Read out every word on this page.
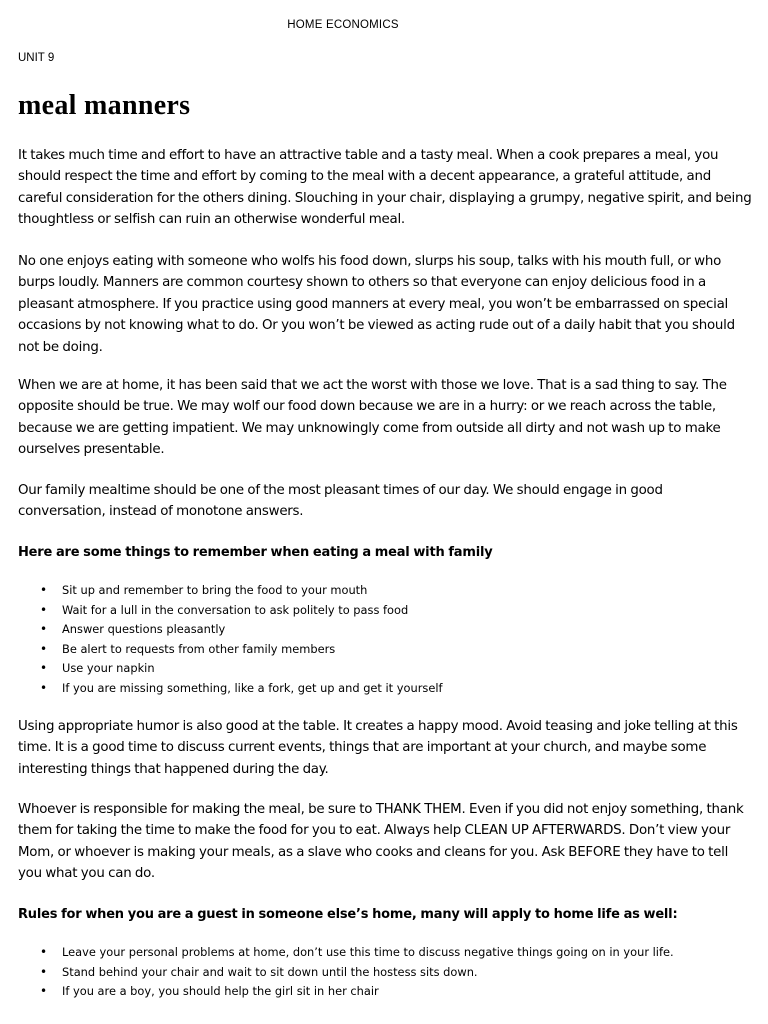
HOME ECONOMICS
UNIT 9
meal manners

It takes much time and effort to have an attractive table and a tasty meal. When a cook prepares a meal, you should respect the time and effort by coming to the meal with a decent appearance, a grateful attitude, and careful consideration for the others dining. Slouching in your chair, displaying a grumpy, negative spirit, and being thoughtless or selfish can ruin an otherwise wonderful meal.

No one enjoys eating with someone who wolfs his food down, slurps his soup, talks with his mouth full, or who burps loudly. Manners are common courtesy shown to others so that everyone can enjoy delicious food in a pleasant atmosphere. If you practice using good manners at every meal, you won’t be embarrassed on special occasions by not knowing what to do. Or you won’t be viewed as acting rude out of a daily habit that you should not be doing.

When we are at home, it has been said that we act the worst with those we love. That is a sad thing to say. The opposite should be true. We may wolf our food down because we are in a hurry: or we reach across the table, because we are getting impatient. We may unknowingly come from outside all dirty and not wash up to make ourselves presentable.

Our family mealtime should be one of the most pleasant times of our day. We should engage in good conversation, instead of monotone answers.

Here are some things to remember when eating a meal with family
• Sit up and remember to bring the food to your mouth
• Wait for a lull in the conversation to ask politely to pass food
• Answer questions pleasantly
• Be alert to requests from other family members
• Use your napkin
• If you are missing something, like a fork, get up and get it yourself

Using appropriate humor is also good at the table. It creates a happy mood. Avoid teasing and joke telling at this time. It is a good time to discuss current events, things that are important at your church, and maybe some interesting things that happened during the day.

Whoever is responsible for making the meal, be sure to THANK THEM. Even if you did not enjoy something, thank them for taking the time to make the food for you to eat. Always help CLEAN UP AFTERWARDS. Don’t view your Mom, or whoever is making your meals, as a slave who cooks and cleans for you. Ask BEFORE they have to tell you what you can do.

Rules for when you are a guest in someone else’s home, many will apply to home life as well:
• Leave your personal problems at home, don’t use this time to discuss negative things going on in your life.
• Stand behind your chair and wait to sit down until the hostess sits down.
• If you are a boy, you should help the girl sit in her chair
